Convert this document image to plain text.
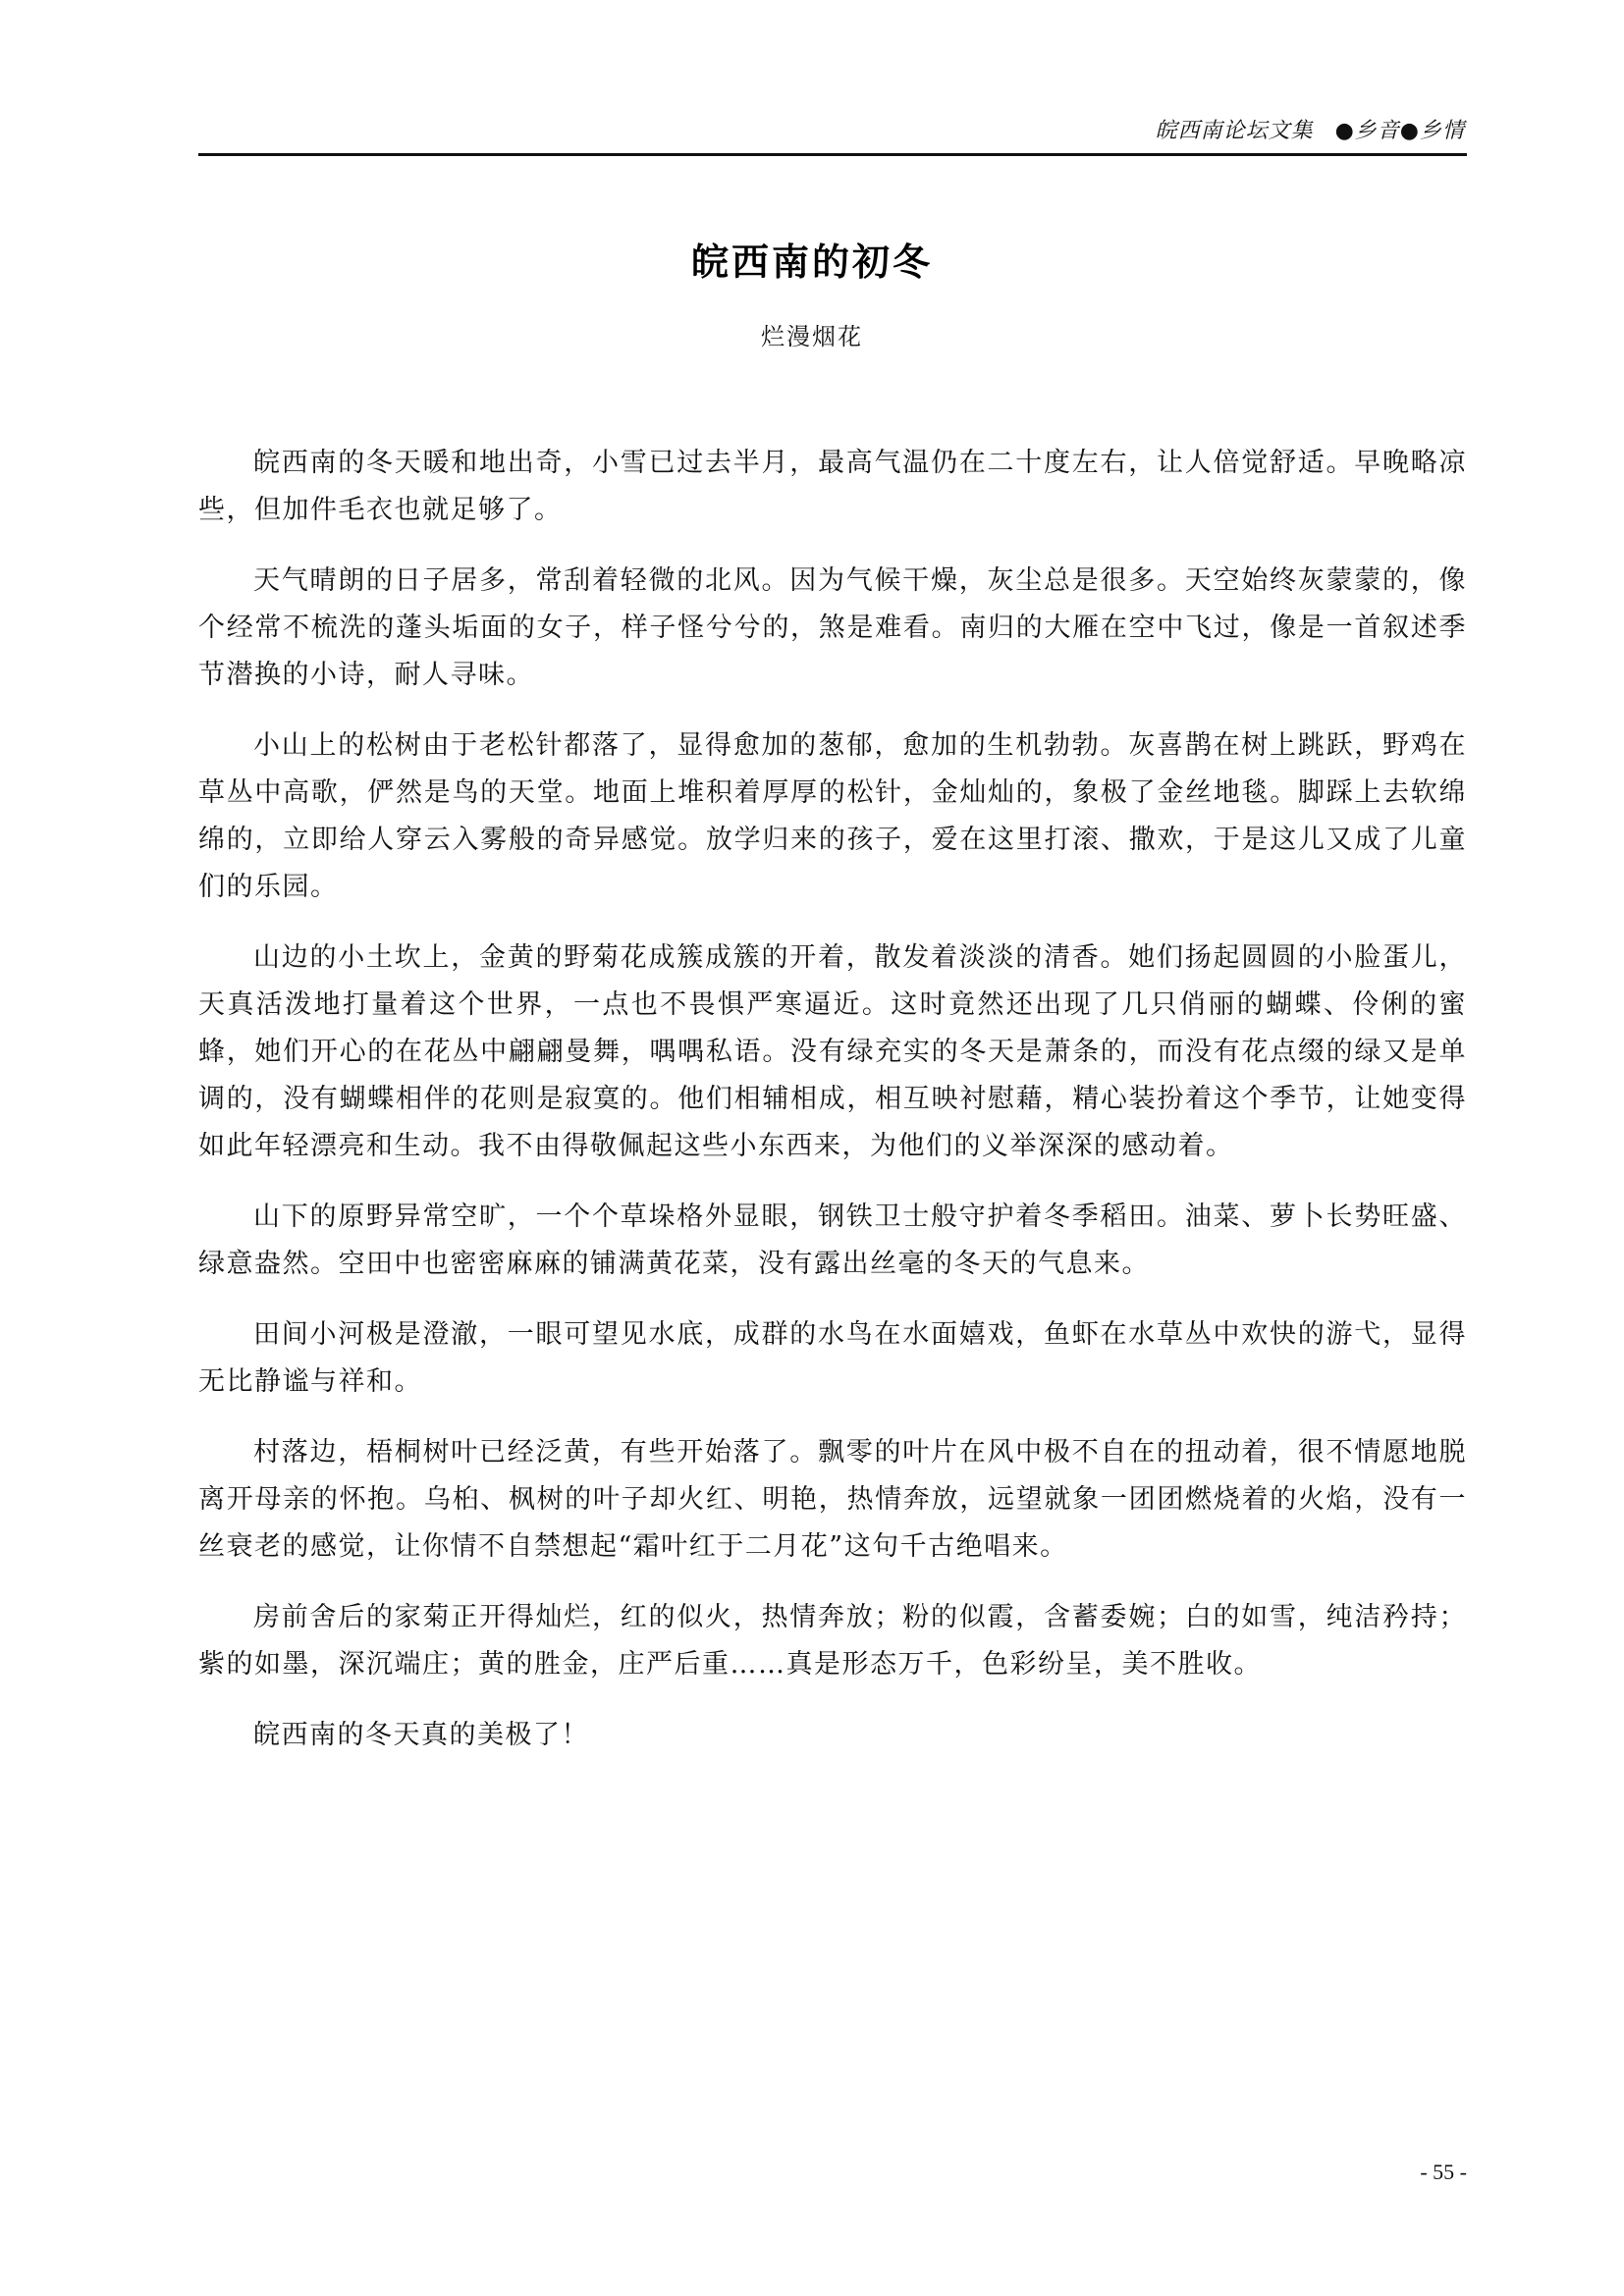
皖西南论坛文集 ●乡音●乡情
皖西南的初冬
烂漫烟花

皖西南的冬天暖和地出奇，小雪已过去半月，最高气温仍在二十度左右，让人倍觉舒适。早晚略凉些，但加件毛衣也就足够了。

天气晴朗的日子居多，常刮着轻微的北风。因为气候干燥，灰尘总是很多。天空始终灰蒙蒙的，像个经常不梳洗的蓬头垢面的女子，样子怪兮兮的，煞是难看。南归的大雁在空中飞过，像是一首叙述季节潜换的小诗，耐人寻味。

小山上的松树由于老松针都落了，显得愈加的葱郁，愈加的生机勃勃。灰喜鹊在树上跳跃，野鸡在草丛中高歌，俨然是鸟的天堂。地面上堆积着厚厚的松针，金灿灿的，象极了金丝地毯。脚踩上去软绵绵的，立即给人穿云入雾般的奇异感觉。放学归来的孩子，爱在这里打滚、撒欢，于是这儿又成了儿童们的乐园。

山边的小土坎上，金黄的野菊花成簇成簇的开着，散发着淡淡的清香。她们扬起圆圆的小脸蛋儿，天真活泼地打量着这个世界，一点也不畏惧严寒逼近。这时竟然还出现了几只俏丽的蝴蝶、伶俐的蜜蜂，她们开心的在花丛中翩翩曼舞，喁喁私语。没有绿充实的冬天是萧条的，而没有花点缀的绿又是单调的，没有蝴蝶相伴的花则是寂寞的。他们相辅相成，相互映衬慰藉，精心装扮着这个季节，让她变得如此年轻漂亮和生动。我不由得敬佩起这些小东西来，为他们的义举深深的感动着。

山下的原野异常空旷，一个个草垛格外显眼，钢铁卫士般守护着冬季稻田。油菜、萝卜长势旺盛、绿意盎然。空田中也密密麻麻的铺满黄花菜，没有露出丝毫的冬天的气息来。

田间小河极是澄澈，一眼可望见水底，成群的水鸟在水面嬉戏，鱼虾在水草丛中欢快的游弋，显得无比静谧与祥和。

村落边，梧桐树叶已经泛黄，有些开始落了。飘零的叶片在风中极不自在的扭动着，很不情愿地脱离开母亲的怀抱。乌桕、枫树的叶子却火红、明艳，热情奔放，远望就象一团团燃烧着的火焰，没有一丝衰老的感觉，让你情不自禁想起“霜叶红于二月花”这句千古绝唱来。

房前舍后的家菊正开得灿烂，红的似火，热情奔放；粉的似霞，含蓄委婉；白的如雪，纯洁矜持；紫的如墨，深沉端庄；黄的胜金，庄严后重……真是形态万千，色彩纷呈，美不胜收。

皖西南的冬天真的美极了！

- 55 -
